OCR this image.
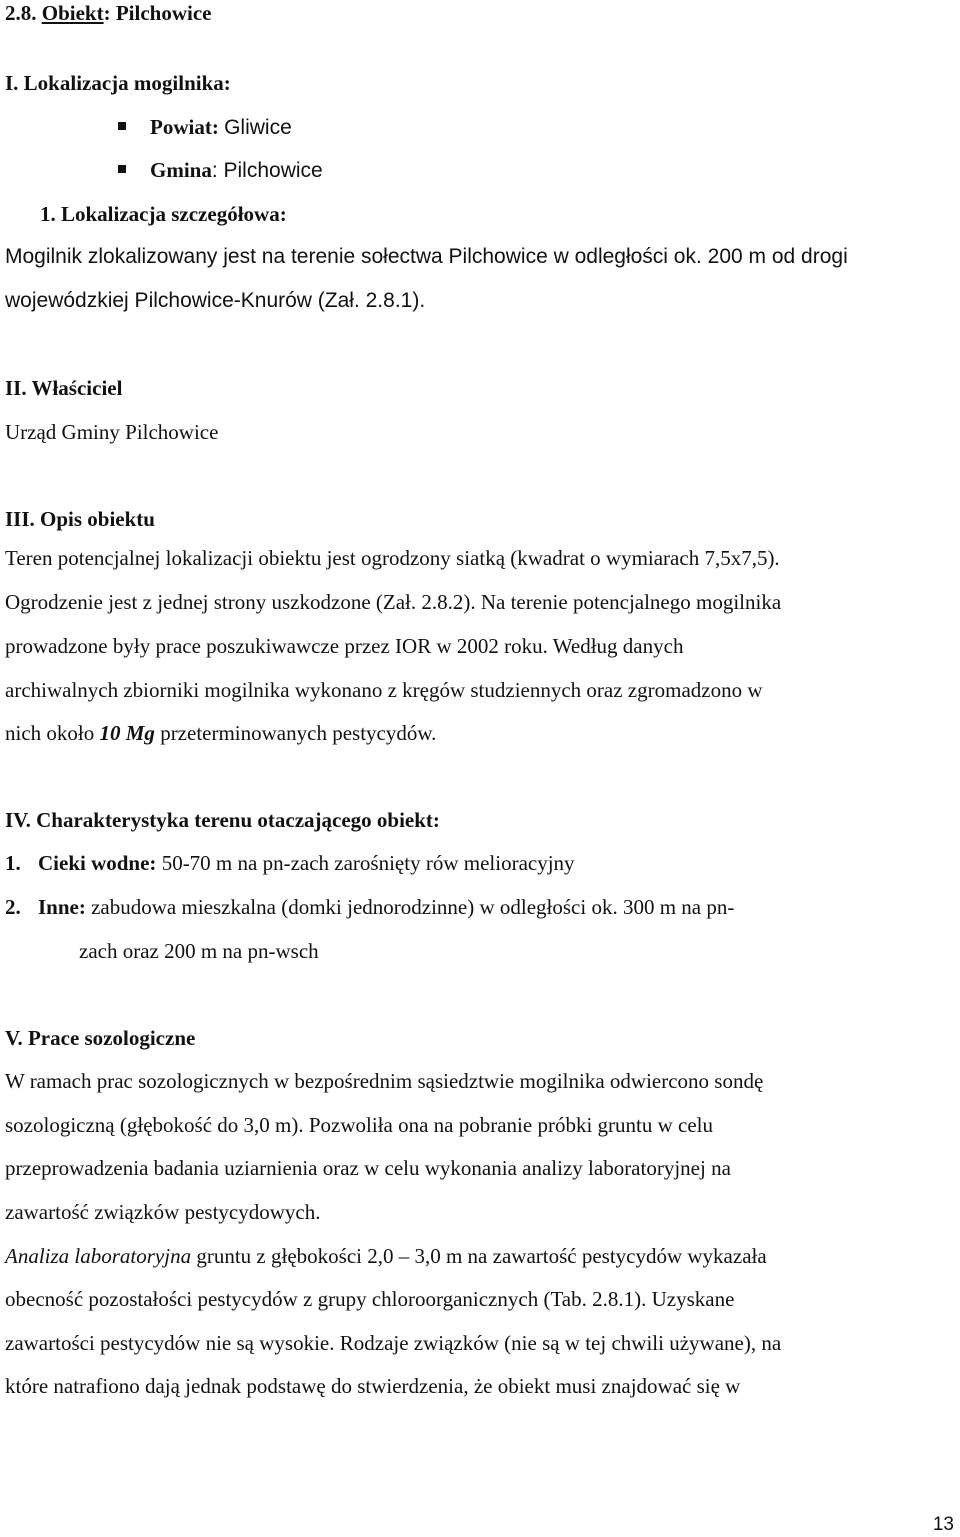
2.8. Obiekt: Pilchowice
I. Lokalizacja mogilnika:
Powiat: Gliwice
Gmina: Pilchowice
1. Lokalizacja szczegółowa:
Mogilnik zlokalizowany jest na terenie sołectwa Pilchowice w odległości ok. 200 m od drogi
wojewódzkiej Pilchowice-Knurów (Zał. 2.8.1).
II. Właściciel
Urząd Gminy Pilchowice
III. Opis obiektu
Teren potencjalnej lokalizacji obiektu jest ogrodzony siatką (kwadrat o wymiarach 7,5x7,5).
Ogrodzenie jest z jednej strony uszkodzone (Zał. 2.8.2). Na terenie potencjalnego mogilnika
prowadzone były prace poszukiwawcze przez IOR w 2002 roku. Według danych
archiwalnych zbiorniki mogilnika wykonano z kręgów studziennych oraz zgromadzono w
nich około 10 Mg przeterminowanych pestycydów.
IV. Charakterystyka terenu otaczającego obiekt:
1. Cieki wodne: 50-70 m na pn-zach zarośnięty rów melioracyjny
2. Inne: zabudowa mieszkalna (domki jednorodzinne) w odległości ok. 300 m na pn-
zach oraz 200 m na pn-wsch
V. Prace sozologiczne
W ramach prac sozologicznych w bezpośrednim sąsiedztwie mogilnika odwiercono sondę
sozologiczną (głębokość do 3,0 m). Pozwoliła ona na pobranie próbki gruntu w celu
przeprowadzenia badania uziarnienia oraz w celu wykonania analizy laboratoryjnej na
zawartość związków pestycydowych.
Analiza laboratoryjna gruntu z głębokości 2,0 – 3,0 m na zawartość pestycydów wykazała
obecność pozostałości pestycydów z grupy chloroorganicznych (Tab. 2.8.1). Uzyskane
zawartości pestycydów nie są wysokie. Rodzaje związków (nie są w tej chwili używane), na
które natrafiono dają jednak podstawę do stwierdzenia, że obiekt musi znajdować się w
13
